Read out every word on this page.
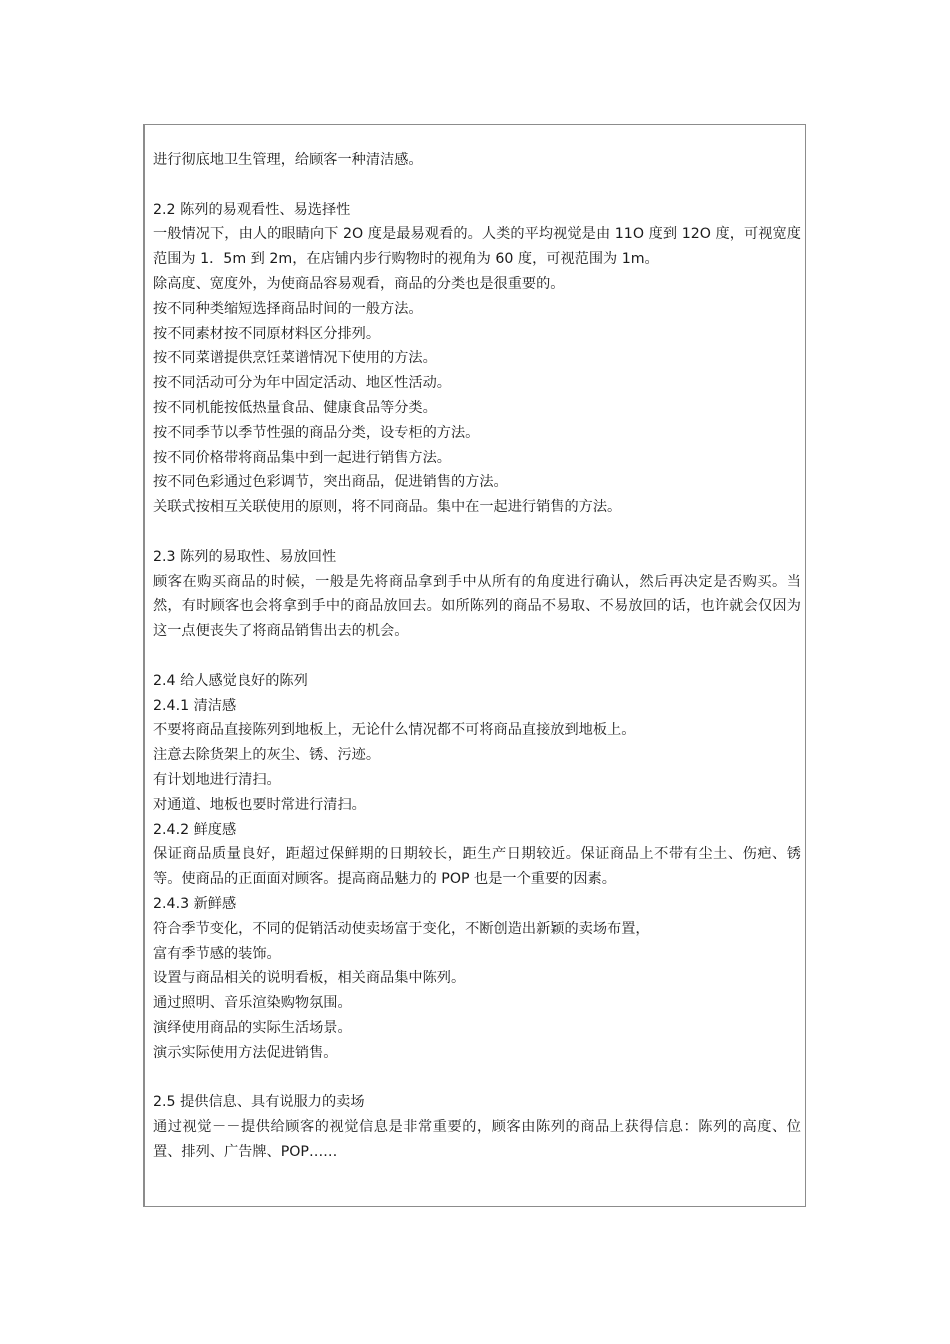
进行彻底地卫生管理，给顾客一种清洁感。
2.2 陈列的易观看性、易选择性
一般情况下，由人的眼睛向下 2O 度是最易观看的。人类的平均视觉是由 11O 度到 12O 度，可视宽度范围为 1．5m 到 2m，在店铺内步行购物时的视角为 60 度，可视范围为 1m。
除高度、宽度外，为使商品容易观看，商品的分类也是很重要的。
按不同种类缩短选择商品时间的一般方法。
按不同素材按不同原材料区分排列。
按不同菜谱提供烹饪菜谱情况下使用的方法。
按不同活动可分为年中固定活动、地区性活动。
按不同机能按低热量食品、健康食品等分类。
按不同季节以季节性强的商品分类，设专柜的方法。
按不同价格带将商品集中到一起进行销售方法。
按不同色彩通过色彩调节，突出商品，促进销售的方法。
关联式按相互关联使用的原则，将不同商品。集中在一起进行销售的方法。
2.3 陈列的易取性、易放回性
顾客在购买商品的时候，一般是先将商品拿到手中从所有的角度进行确认，然后再决定是否购买。当然，有时顾客也会将拿到手中的商品放回去。如所陈列的商品不易取、不易放回的话，也许就会仅因为这一点便丧失了将商品销售出去的机会。
2.4 给人感觉良好的陈列
2.4.1 清洁感
不要将商品直接陈列到地板上，无论什么情况都不可将商品直接放到地板上。
注意去除货架上的灰尘、锈、污迹。
有计划地进行清扫。
对通道、地板也要时常进行清扫。
2.4.2 鲜度感
保证商品质量良好，距超过保鲜期的日期较长，距生产日期较近。保证商品上不带有尘土、伤疤、锈等。使商品的正面面对顾客。提高商品魅力的 POP 也是一个重要的因素。
2.4.3 新鲜感
符合季节变化，不同的促销活动使卖场富于变化，不断创造出新颖的卖场布置，
富有季节感的装饰。
设置与商品相关的说明看板，相关商品集中陈列。
通过照明、音乐渲染购物氛围。
演绎使用商品的实际生活场景。
演示实际使用方法促进销售。
2.5 提供信息、具有说服力的卖场
通过视觉－－提供给顾客的视觉信息是非常重要的，顾客由陈列的商品上获得信息：陈列的高度、位置、排列、广告牌、POP……
